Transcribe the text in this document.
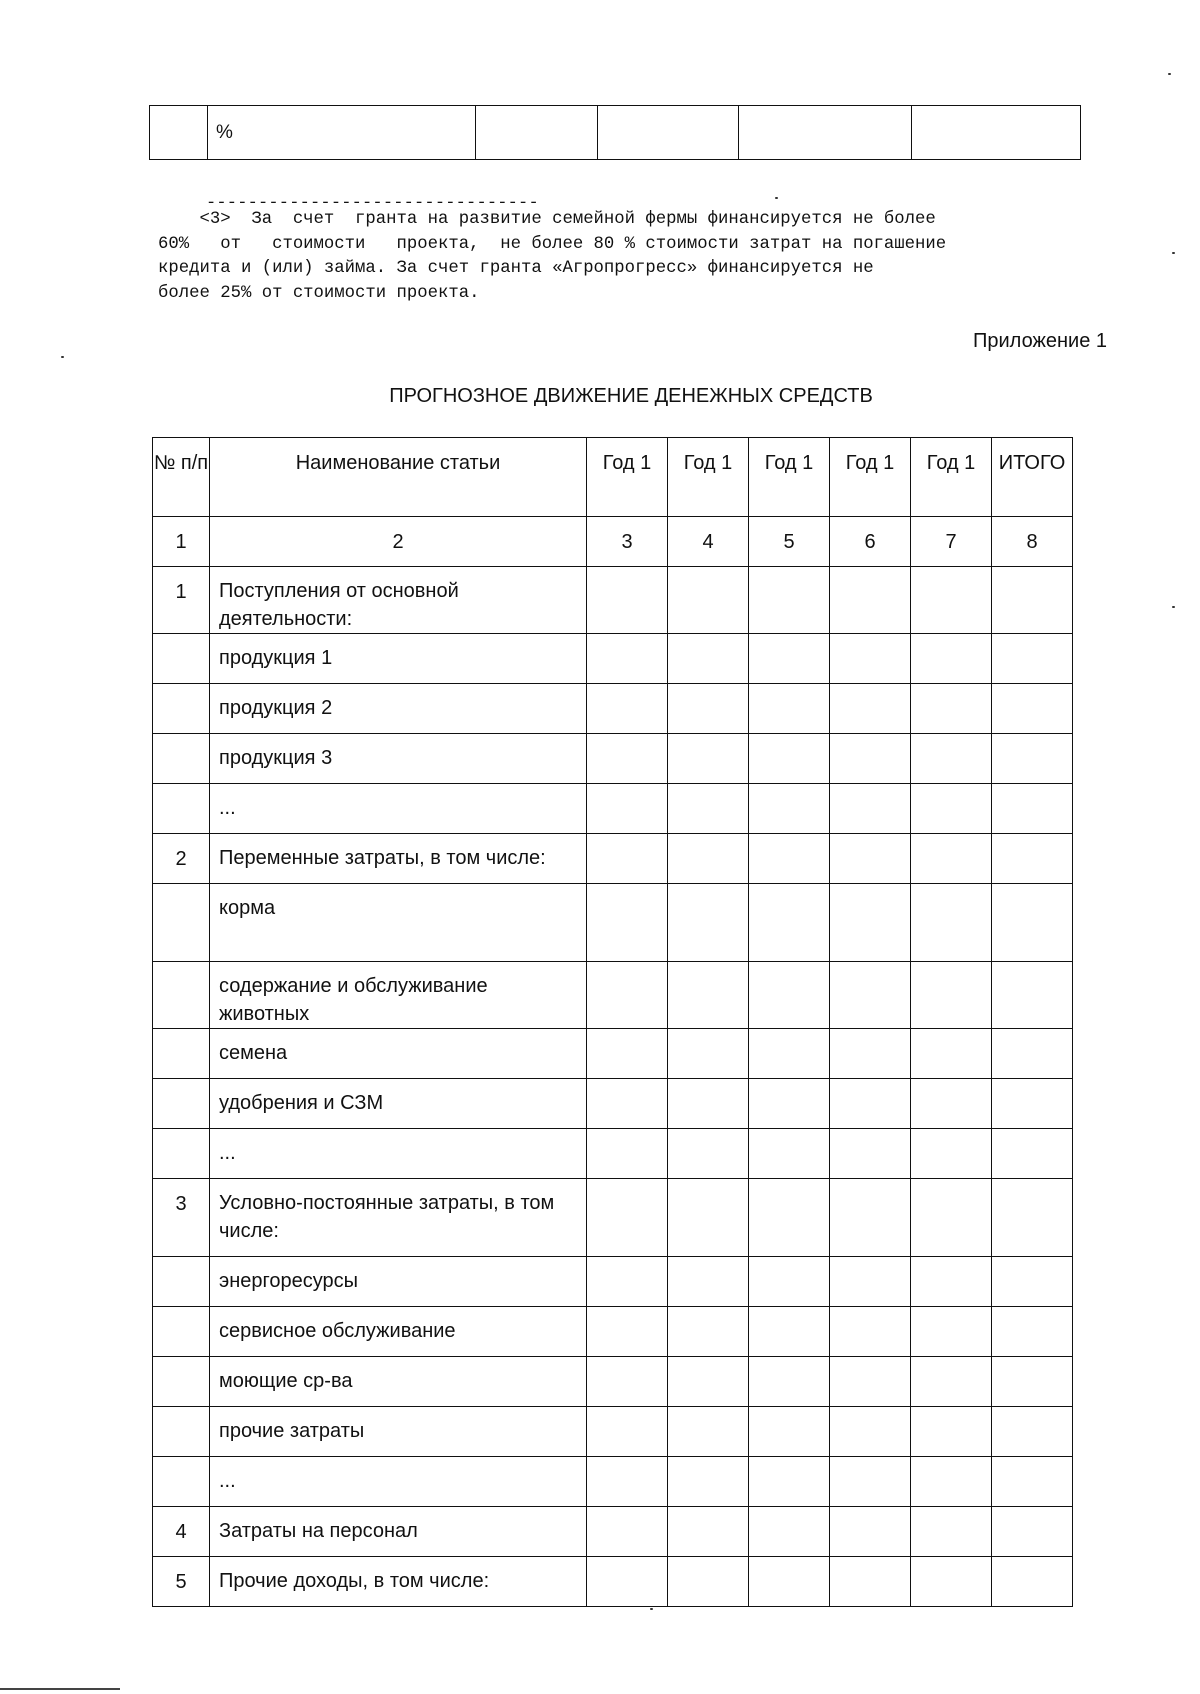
	%				
--------------------------------
<3>  За  счет  гранта на развитие семейной фермы финансируется не более
60%   от   стоимости   проекта,  не более 80 % стоимости затрат на погашение
кредита и (или) займа. За счет гранта «Агропрогресс» финансируется не
более 25% от стоимости проекта.
Приложение 1
ПРОГНОЗНОЕ ДВИЖЕНИЕ ДЕНЕЖНЫХ СРЕДСТВ
№ п/п	Наименование статьи	Год 1	Год 1	Год 1	Год 1	Год 1	ИТОГО
1	2	3	4	5	6	7	8
1	Поступления от основной деятельности:						
	продукция 1						
	продукция 2						
	продукция 3						
	...						
2	Переменные затраты, в том числе:						
	корма						
	содержание и обслуживание животных						
	семена						
	удобрения и СЗМ						
	...						
3	Условно-постоянные затраты, в том числе:						
	энергоресурсы						
	сервисное обслуживание						
	моющие ср-ва						
	прочие затраты						
	...						
4	Затраты на персонал						
5	Прочие доходы, в том числе:						
